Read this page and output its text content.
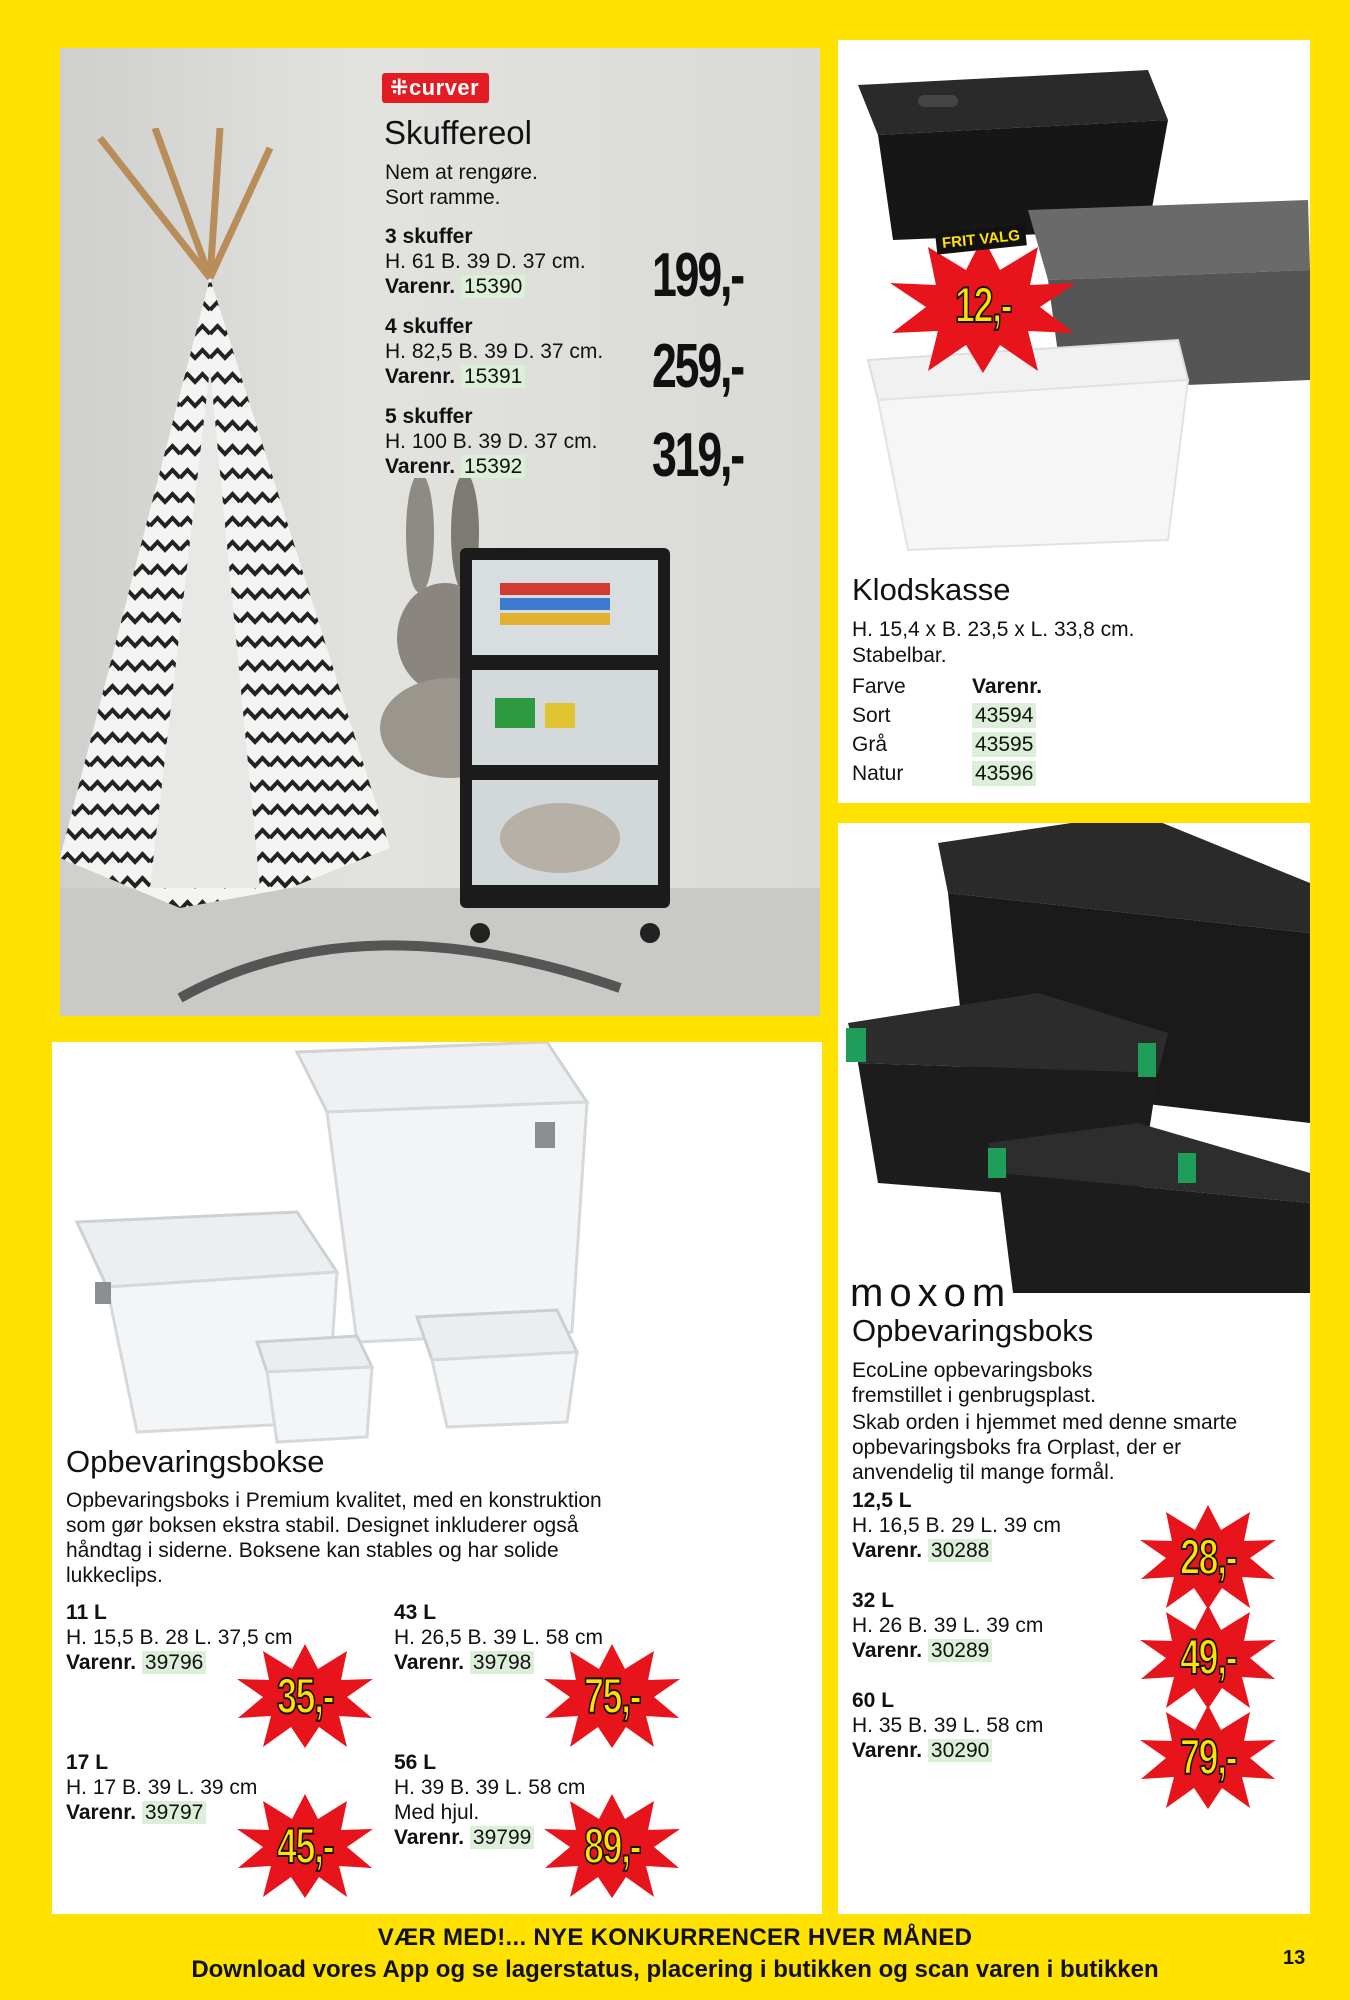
⁜curver
Skuffereol
Nem at rengøre.
Sort ramme.
3 skuffer
H. 61 B. 39 D. 37 cm.
Varenr. 15390	199,-
4 skuffer
H. 82,5 B. 39 D. 37 cm.
Varenr. 15391	259,-
5 skuffer
H. 100 B. 39 D. 37 cm.
Varenr. 15392	319,-
FRIT VALG
12,-
Klodskasse
H. 15,4 x B. 23,5 x L. 33,8 cm.
Stabelbar.
Farve	Varenr.
Sort	43594
Grå	43595
Natur	43596
Opbevaringsbokse
Opbevaringsboks i Premium kvalitet, med en konstruktion
som gør boksen ekstra stabil. Designet inkluderer også
håndtag i siderne. Boksene kan stables og har solide
lukkeclips.
11 L
H. 15,5 B. 28 L. 37,5 cm
Varenr. 39796
35,-
43 L
H. 26,5 B. 39 L. 58 cm
Varenr. 39798
75,-
17 L
H. 17 B. 39 L. 39 cm
Varenr. 39797
45,-
56 L
H. 39 B. 39 L. 58 cm
Med hjul.
Varenr. 39799	89,-
moxom
Opbevaringsboks
EcoLine opbevaringsboks
fremstillet i genbrugsplast.
Skab orden i hjemmet med denne smarte
opbevaringsboks fra Orplast, der er
anvendelig til mange formål.
12,5 L
H. 16,5 B. 29 L. 39 cm
Varenr. 30288	28,-
32 L
H. 26 B. 39 L. 39 cm
Varenr. 30289	49,-
60 L
H. 35 B. 39 L. 58 cm
Varenr. 30290	79,-
VÆR MED!... NYE KONKURRENCER HVER MÅNED
Download vores App og se lagerstatus, placering i butikken og scan varen i butikken	13
